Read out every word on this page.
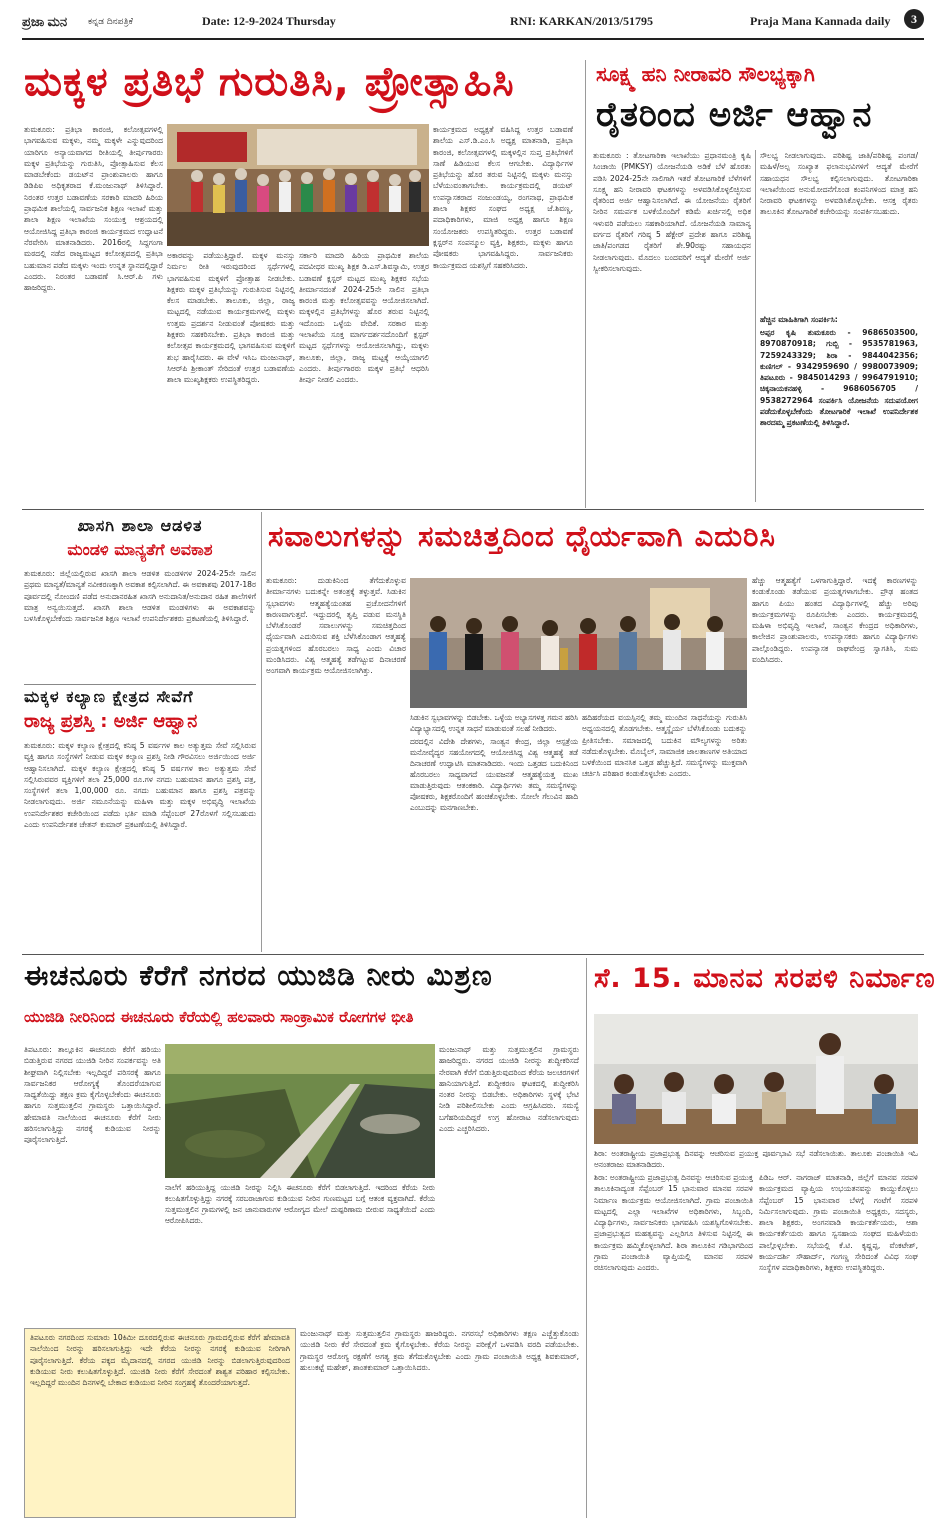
ಪ್ರಜಾ ಮನ ಕನ್ನಡ ದಿನಪತ್ರಿಕೆ	Date: 12-9-2024 Thursday	RNI: KARKAN/2013/51795	Praja Mana Kannada daily	3
ಮಕ್ಕಳ ಪ್ರತಿಭೆ ಗುರುತಿಸಿ, ಪ್ರೋತ್ಸಾಹಿಸಿ
ತುಮಕೂರು: ಪ್ರತಿಭಾ ಕಾರಂಜಿ, ಕಲೋತ್ಸವಗಳಲ್ಲಿ ಭಾಗವಹಿಸುವ ಮಕ್ಕಳು, ನಮ್ಮ ಮಕ್ಕಳೇ ಎನ್ನುವುದರಿಂದ ಯಾರಿಗೂ ಅನ್ಯಾಯವಾಗದ ರೀತಿಯಲ್ಲಿ ತೀರ್ಪುಗಾರರು ಮಕ್ಕಳ ಪ್ರತಿಭೆಯನ್ನು ಗುರುತಿಸಿ, ಪ್ರೋತ್ಸಾಹಿಸುವ ಕೆಲಸ ಮಾಡಬೇಕೆಂದು ಡಯಟ್‌ನ ಪ್ರಾಂಶುಪಾಲರು ಹಾಗೂ ಡಿಡಿಪಿಐ ಅಧಿಕೃತರಾದ ಕೆ.ಮಂಜುನಾಥ್ ತಿಳಿಸಿದ್ದಾರೆ. ನಿರಂತರ ಉತ್ತರ ಬಡಾವಣೆಯ ಸರಕಾರಿ ಮಾದರಿ ಹಿರಿಯ ಪ್ರಾಥಮಿಕ ಶಾಲೆಯಲ್ಲಿ ಸಾರ್ವಜನಿಕ ಶಿಕ್ಷಣ ಇಲಾಖೆ ಮತ್ತು ಶಾಲಾ ಶಿಕ್ಷಣ ಇಲಾಖೆಯ ಸಂಯುಕ್ತ ಆಶ್ರಯದಲ್ಲಿ ಆಯೋಜಿಸಿದ್ದ ಪ್ರತಿಭಾ ಕಾರಂಜಿ ಕಾರ್ಯಕ್ರಮದ ಉದ್ಘಾಟನೆ ನೆರವೇರಿಸಿ ಮಾತನಾಡಿದರು. 2016ರಲ್ಲಿ ಸಿದ್ದಗಂಗಾ ಮಠದಲ್ಲಿ ನಡೆದ ರಾಜ್ಯಮಟ್ಟದ ಕಲೋತ್ಸವದಲ್ಲಿ ಪ್ರತಿಭಾ ಬಹುಮಾನ ಪಡೆದ ಮಕ್ಕಳು ಇಂದು ಉನ್ನತ ಸ್ಥಾನದಲ್ಲಿದ್ದಾರೆ ಎಂದರು. ನಿರಂತರ ಬಡಾವಣೆ ಸಿ.ಆರ್.ಪಿ ಗಳು ಹಾಜರಿದ್ದರು.
ಅಕಾರವನ್ನು ಪಡೆಯುತ್ತಿದ್ದಾರೆ. ಮಕ್ಕಳ ಮನಸ್ಸು ನಿರ್ಮಲ ರೀತಿ ಇರುವುದರಿಂದ ಸ್ಪರ್ಧೆಗಳಲ್ಲಿ ಭಾಗವಹಿಸುವ ಮಕ್ಕಳಿಗೆ ಪ್ರೋತ್ಸಾಹ ನೀಡಬೇಕು. ಶಿಕ್ಷಕರು ಮಕ್ಕಳ ಪ್ರತಿಭೆಯನ್ನು ಗುರುತಿಸುವ ನಿಟ್ಟಿನಲ್ಲಿ ಕೆಲಸ ಮಾಡಬೇಕು. ತಾಲೂಕು, ಜಿಲ್ಲಾ, ರಾಜ್ಯ ಮಟ್ಟದಲ್ಲಿ ನಡೆಯುವ ಕಾರ್ಯಕ್ರಮಗಳಲ್ಲಿ ಮಕ್ಕಳು ಉತ್ತಮ ಪ್ರದರ್ಶನ ನೀಡುವಂತೆ ಪೋಷಕರು ಮತ್ತು ಶಿಕ್ಷಕರು ಸಹಕರಿಸಬೇಕು. ಪ್ರತಿಭಾ ಕಾರಂಜಿ ಮತ್ತು ಕಲೋತ್ಸವ ಕಾರ್ಯಕ್ರಮದಲ್ಲಿ ಭಾಗವಹಿಸುವ ಮಕ್ಕಳಿಗೆ ಶುಭ ಹಾರೈಸಿದರು. ಈ ವೇಳೆ ಇಸಿಒ ಮಂಜುನಾಥ್, ಸಿಆರ್‌ಪಿ ಶ್ರೀಕಾಂತ್ ಸೇರಿದಂತೆ ಉತ್ತರ ಬಡಾವಣೆಯ ಶಾಲಾ ಮುಖ್ಯಶಿಕ್ಷಕರು ಉಪಸ್ಥಿತರಿದ್ದರು.
ಸರ್ಕಾರಿ ಮಾದರಿ ಹಿರಿಯ ಪ್ರಾಥಮಿಕ ಶಾಲೆಯ ಪದವೀಧರ ಮುಖ್ಯ ಶಿಕ್ಷಕ ಡಿ.ಎಸ್.ಶಿವಸ್ವಾಮಿ, ಉತ್ತರ ಬಡಾವಣೆ ಕ್ಲಸ್ಟರ್ ಮಟ್ಟದ ಮುಖ್ಯ ಶಿಕ್ಷಕರ ಸಭೆಯ ತೀರ್ಮಾನದಂತೆ 2024-25ನೇ ಸಾಲಿನ ಪ್ರತಿಭಾ ಕಾರಂಜಿ ಮತ್ತು ಕಲೋತ್ಸವವನ್ನು ಆಯೋಜಿಸಲಾಗಿದೆ. ಮಕ್ಕಳಲ್ಲಿನ ಪ್ರತಿಭೆಗಳನ್ನು ಹೊರ ತರುವ ನಿಟ್ಟಿನಲ್ಲಿ ಇದೊಂದು ಒಳ್ಳೆಯ ವೇದಿಕೆ. ಸರಕಾರ ಮತ್ತು ಇಲಾಖೆಯ ಸೂಕ್ತ ಮಾರ್ಗದರ್ಶನದೊಂದಿಗೆ ಕ್ಲಸ್ಟರ್ ಮಟ್ಟದ ಸ್ಪರ್ಧೆಗಳನ್ನು ಆಯೋಜಿಸಲಾಗಿದ್ದು, ಮಕ್ಕಳು ತಾಲೂಕು, ಜಿಲ್ಲಾ, ರಾಜ್ಯ ಮಟ್ಟಕ್ಕೆ ಆಯ್ಕೆಯಾಗಲಿ ಎಂದರು. ತೀರ್ಪುಗಾರರು ಮಕ್ಕಳ ಪ್ರತಿಭೆ ಆಧರಿಸಿ ತೀರ್ಪು ನೀಡಲಿ ಎಂದರು.
ಕಾರ್ಯಕ್ರಮದ ಅಧ್ಯಕ್ಷತೆ ವಹಿಸಿದ್ದ ಉತ್ತರ ಬಡಾವಣೆ ಶಾಲೆಯ ಎಸ್.ಡಿ.ಎಂ.ಸಿ ಅಧ್ಯಕ್ಷ ಮಾತನಾಡಿ, ಪ್ರತಿಭಾ ಕಾರಂಜಿ, ಕಲೋತ್ಸವಗಳಲ್ಲಿ ಮಕ್ಕಳಲ್ಲಿನ ಸುಪ್ತ ಪ್ರತಿಭೆಗಳಿಗೆ ಸಾಣೆ ಹಿಡಿಯುವ ಕೆಲಸ ಆಗಬೇಕು. ವಿದ್ಯಾರ್ಥಿಗಳ ಪ್ರತಿಭೆಯನ್ನು ಹೊರ ತರುವ ನಿಟ್ಟಿನಲ್ಲಿ ಮಕ್ಕಳು ಮನಸ್ಸು ಬೆಳೆಯುವಂತಾಗಬೇಕು. ಕಾರ್ಯಕ್ರಮದಲ್ಲಿ ಡಯಟ್ ಉಪನ್ಯಾಸಕರಾದ ನಂಜುಂಡಯ್ಯ, ರಂಗನಾಥ, ಪ್ರಾಥಮಿಕ ಶಾಲಾ ಶಿಕ್ಷಕರ ಸಂಘದ ಅಧ್ಯಕ್ಷ ಜೆ.ಶಿವಣ್ಣ, ಪದಾಧಿಕಾರಿಗಳು, ಮಾಜಿ ಅಧ್ಯಕ್ಷ ಹಾಗೂ ಶಿಕ್ಷಣ ಸಂಯೋಜಕರು ಉಪಸ್ಥಿತರಿದ್ದರು. ಉತ್ತರ ಬಡಾವಣೆ ಕ್ಲಸ್ಟರ್‌ನ ಸಂಪನ್ಮೂಲ ವ್ಯಕ್ತಿ, ಶಿಕ್ಷಕರು, ಮಕ್ಕಳು ಹಾಗೂ ಪೋಷಕರು ಭಾಗವಹಿಸಿದ್ದರು. ಸಾರ್ವಜನಿಕರು ಕಾರ್ಯಕ್ರಮದ ಯಶಸ್ಸಿಗೆ ಸಹಕರಿಸಿದರು.
ಸೂಕ್ಷ್ಮ ಹನಿ ನೀರಾವರಿ ಸೌಲಭ್ಯಕ್ಕಾಗಿ
ರೈತರಿಂದ ಅರ್ಜಿ ಆಹ್ವಾನ
ತುಮಕೂರು : ತೋಟಗಾರಿಕಾ ಇಲಾಖೆಯು ಪ್ರಧಾನಮಂತ್ರಿ ಕೃಷಿ ಸಿಂಚಾಯಿ (PMKSY) ಯೋಜನೆಯಡಿ ಅಡಿಕೆ ಬೆಳೆ ಹೊರತು ಪಡಿಸಿ 2024-25ನೇ ಸಾಲಿಗಾಗಿ ಇತರೆ ತೋಟಗಾರಿಕೆ ಬೆಳೆಗಳಿಗೆ ಸೂಕ್ಷ್ಮ ಹನಿ ನೀರಾವರಿ ಘಟಕಗಳನ್ನು ಅಳವಡಿಸಿಕೊಳ್ಳಲಿಚ್ಛಿಸುವ ರೈತರಿಂದ ಅರ್ಜಿ ಆಹ್ವಾನಿಸಲಾಗಿದೆ. ಈ ಯೋಜನೆಯು ರೈತರಿಗೆ ನೀರಿನ ಸಮರ್ಪಕ ಬಳಕೆಯೊಂದಿಗೆ ಕಡಿಮೆ ಖರ್ಚಿನಲ್ಲಿ ಅಧಿಕ ಇಳುವರಿ ಪಡೆಯಲು ಸಹಕಾರಿಯಾಗಿದೆ. ಯೋಜನೆಯಡಿ ಸಾಮಾನ್ಯ ವರ್ಗದ ರೈತರಿಗೆ ಗರಿಷ್ಠ 5 ಹೆಕ್ಟೇರ್ ಪ್ರದೇಶ ಹಾಗೂ ಪರಿಶಿಷ್ಟ ಜಾತಿ/ಪಂಗಡದ ರೈತರಿಗೆ ಶೇ.90ರಷ್ಟು ಸಹಾಯಧನ ನೀಡಲಾಗುವುದು. ಮೊದಲು ಬಂದವರಿಗೆ ಆದ್ಯತೆ ಮೇರೆಗೆ ಅರ್ಜಿ ಸ್ವೀಕರಿಸಲಾಗುವುದು.
ಸೌಲಭ್ಯ ನೀಡಲಾಗುವುದು. ಪರಿಶಿಷ್ಟ ಜಾತಿ/ಪರಿಶಿಷ್ಟ ಪಂಗಡ/ ಮಹಿಳೆ/ಅಲ್ಪ ಸಂಖ್ಯಾತ ಫಲಾನುಭವಿಗಳಿಗೆ ಆದ್ಯತೆ ಮೇರೆಗೆ ಸಹಾಯಧನ ಸೌಲಭ್ಯ ಕಲ್ಪಿಸಲಾಗುವುದು. ತೋಟಗಾರಿಕಾ ಇಲಾಖೆಯಿಂದ ಅನುಮೋದನೆಗೊಂಡ ಕಂಪನಿಗಳಿಂದ ಮಾತ್ರ ಹನಿ ನೀರಾವರಿ ಘಟಕಗಳನ್ನು ಅಳವಡಿಸಿಕೊಳ್ಳಬೇಕು. ಆಸಕ್ತ ರೈತರು ತಾಲೂಕಿನ ತೋಟಗಾರಿಕೆ ಕಚೇರಿಯನ್ನು ಸಂಪರ್ಕಿಸಬಹುದು.
ಹೆಚ್ಚಿನ ಮಾಹಿತಿಗಾಗಿ ಸಂಪರ್ಕಿಸಿ:
ಅಪ್ಪರ ಕೃಷಿ ತುಮಕೂರು - 9686503500, 8970870918; ಗುಬ್ಬಿ - 9535781963, 7259243329; ಶಿರಾ - 9844042356; ಕುಣಿಗಲ್ - 9342959690 / 9980073909; ತಿಪಟೂರು - 9845014293 / 9964791910; ಚಿಕ್ಕನಾಯಕನಹಳ್ಳಿ - 9686056705 / 9538272964 ಸಂಪರ್ಕಿಸಿ ಯೋಜನೆಯ ಸದುಪಯೋಗ ಪಡೆದುಕೊಳ್ಳಬೇಕೆಂದು ತೋಟಗಾರಿಕೆ ಇಲಾಖೆ ಉಪನಿರ್ದೇಶಕ ಶಾರದಮ್ಮ ಪ್ರಕಟಣೆಯಲ್ಲಿ ತಿಳಿಸಿದ್ದಾರೆ.
ಖಾಸಗಿ ಶಾಲಾ ಆಡಳಿತ
ಮಂಡಳಿ ಮಾನ್ಯತೆಗೆ ಅವಕಾಶ
ತುಮಕೂರು: ಜಿಲ್ಲೆಯಲ್ಲಿರುವ ಖಾಸಗಿ ಶಾಲಾ ಆಡಳಿತ ಮಂಡಳಿಗಳ 2024-25ನೇ ಸಾಲಿನ ಪ್ರಥಮ ಮಾನ್ಯತೆ/ಮಾನ್ಯತೆ ನವೀಕರಣಕ್ಕಾಗಿ ಅವಕಾಶ ಕಲ್ಪಿಸಲಾಗಿದೆ. ಈ ಅವಕಾಶವು 2017-18ರ ಪೂರ್ವದಲ್ಲಿ ನೋಂದಣಿ ಪಡೆದ ಅನುದಾನರಹಿತ ಖಾಸಗಿ ಅನುದಾನಿತ/ಅನುದಾನ ರಹಿತ ಶಾಲೆಗಳಿಗೆ ಮಾತ್ರ ಅನ್ವಯಿಸುತ್ತದೆ. ಖಾಸಗಿ ಶಾಲಾ ಆಡಳಿತ ಮಂಡಳಿಗಳು ಈ ಅವಕಾಶವನ್ನು ಬಳಸಿಕೊಳ್ಳಬೇಕೆಂದು ಸಾರ್ವಜನಿಕ ಶಿಕ್ಷಣ ಇಲಾಖೆ ಉಪನಿರ್ದೇಶಕರು ಪ್ರಕಟಣೆಯಲ್ಲಿ ತಿಳಿಸಿದ್ದಾರೆ.
ಮಕ್ಕಳ ಕಲ್ಯಾಣ ಕ್ಷೇತ್ರದ ಸೇವೆಗೆ
ರಾಜ್ಯ ಪ್ರಶಸ್ತಿ : ಅರ್ಜಿ ಆಹ್ವಾನ
ತುಮಕೂರು: ಮಕ್ಕಳ ಕಲ್ಯಾಣ ಕ್ಷೇತ್ರದಲ್ಲಿ ಕನಿಷ್ಠ 5 ವರ್ಷಗಳ ಕಾಲ ಅತ್ಯುತ್ತಮ ಸೇವೆ ಸಲ್ಲಿಸಿರುವ ವ್ಯಕ್ತಿ ಹಾಗೂ ಸಂಸ್ಥೆಗಳಿಗೆ ನೀಡುವ ಮಕ್ಕಳ ಕಲ್ಯಾಣ ಪ್ರಶಸ್ತಿ ನೀಡಿ ಗೌರವಿಸಲು ಅರ್ಜಿಯಿಂದ ಅರ್ಜಿ ಆಹ್ವಾನಿಸಲಾಗಿದೆ. ಮಕ್ಕಳ ಕಲ್ಯಾಣ ಕ್ಷೇತ್ರದಲ್ಲಿ ಕನಿಷ್ಠ 5 ವರ್ಷಗಳ ಕಾಲ ಅತ್ಯುತ್ತಮ ಸೇವೆ ಸಲ್ಲಿಸಿರುವವರ ವ್ಯಕ್ತಿಗಳಿಗೆ ತಲಾ 25,000 ರೂ.ಗಳ ನಗದು ಬಹುಮಾನ ಹಾಗೂ ಪ್ರಶಸ್ತಿ ಪತ್ರ, ಸಂಸ್ಥೆಗಳಿಗೆ ತಲಾ 1,00,000 ರೂ. ನಗದು ಬಹುಮಾನ ಹಾಗೂ ಪ್ರಶಸ್ತಿ ಪತ್ರವನ್ನು ನೀಡಲಾಗುವುದು. ಅರ್ಜಿ ನಮೂನೆಯನ್ನು ಮಹಿಳಾ ಮತ್ತು ಮಕ್ಕಳ ಅಭಿವೃದ್ಧಿ ಇಲಾಖೆಯ ಉಪನಿರ್ದೇಶಕರ ಕಚೇರಿಯಿಂದ ಪಡೆದು ಭರ್ತಿ ಮಾಡಿ ಸೆಪ್ಟೆಂಬರ್ 27ರೊಳಗೆ ಸಲ್ಲಿಸಬಹುದು ಎಂದು ಉಪನಿರ್ದೇಶಕ ಚೇತನ್ ಕುಮಾರ್ ಪ್ರಕಟಣೆಯಲ್ಲಿ ತಿಳಿಸಿದ್ದಾರೆ.
ಸವಾಲುಗಳನ್ನು ಸಮಚಿತ್ತದಿಂದ ಧೈರ್ಯವಾಗಿ ಎದುರಿಸಿ
ತುಮಕೂರು: ದುಡುಕಿನಿಂದ ತೆಗೆದುಕೊಳ್ಳುವ ತೀರ್ಮಾನಗಳು ಬದುಕನ್ನೇ ಅತಂತ್ರಕ್ಕೆ ತಳ್ಳುತ್ತವೆ. ಸಿಡುಕಿನ ಸ್ವಭಾವಗಳು ಆತ್ಮಹತ್ಯೆಯಂತಹ ಪ್ರಚೋದನೆಗಳಿಗೆ ಕಾರಣವಾಗುತ್ತವೆ. ಇದ್ದುದರಲ್ಲಿ ತೃಪ್ತಿ ಪಡುವ ಮನಸ್ಥಿತಿ ಬೆಳೆಸಿಕೊಂಡರೆ ಸವಾಲುಗಳನ್ನು ಸಮಚಿತ್ತದಿಂದ ಧೈರ್ಯವಾಗಿ ಎದುರಿಸುವ ಶಕ್ತಿ ಬೆಳೆಸಿಕೊಂಡಾಗ ಆತ್ಮಹತ್ಯೆ ಪ್ರಯತ್ನಗಳಿಂದ ಹೊರಬರಲು ಸಾಧ್ಯ ಎಂದು ವಿಚಾರ ಮಂಡಿಸಿದರು. ವಿಶ್ವ ಆತ್ಮಹತ್ಯೆ ತಡೆಗಟ್ಟುವ ದಿನಾಚರಣೆ ಅಂಗವಾಗಿ ಕಾರ್ಯಕ್ರಮ ಆಯೋಜಿಸಲಾಗಿತ್ತು.
ಸಿಡುಕಿನ ಸ್ವಭಾವಗಳನ್ನು ಬಿಡಬೇಕು. ಒಳ್ಳೆಯ ಅಭ್ಯಾಸಗಳತ್ತ ಗಮನ ಹರಿಸಿ ವಿದ್ಯಾಭ್ಯಾಸದಲ್ಲಿ ಉನ್ನತ ಸಾಧನೆ ಮಾಡುವಂತೆ ಸಲಹೆ ನೀಡಿದರು.
ದರದಲ್ಲಿನ ವಿದೇಶಿ ದೇಶಗಳು, ಸಾಂತ್ವನ ಕೇಂದ್ರ, ಜಿಲ್ಲಾ ಆಸ್ಪತ್ರೆಯ ಮನೋವೈದ್ಯರ ಸಹಯೋಗದಲ್ಲಿ ಆಯೋಜಿಸಿದ್ದ ವಿಶ್ವ ಆತ್ಮಹತ್ಯೆ ತಡೆ ದಿನಾಚರಣೆ ಉದ್ಘಾಟಿಸಿ ಮಾತನಾಡಿದರು. ಇಂದು ಒತ್ತಡದ ಬದುಕಿನಿಂದ ಹೊರಬರಲು ಸಾಧ್ಯವಾಗದೆ ಯುವಜನತೆ ಆತ್ಮಹತ್ಯೆಯತ್ತ ಮುಖ ಮಾಡುತ್ತಿರುವುದು ಆತಂಕಕಾರಿ. ವಿದ್ಯಾರ್ಥಿಗಳು ತಮ್ಮ ಸಮಸ್ಯೆಗಳನ್ನು ಪೋಷಕರು, ಶಿಕ್ಷಕರೊಂದಿಗೆ ಹಂಚಿಕೊಳ್ಳಬೇಕು. ಸೋಲೇ ಗೆಲುವಿನ ಹಾದಿ ಎಂಬುದನ್ನು ಮನಗಾಣಬೇಕು.
ಹದಿಹರೆಯದ ವಯಸ್ಸಿನಲ್ಲಿ ತಮ್ಮ ಮುಂದಿನ ಸಾಧನೆಯನ್ನು ಗುರುತಿಸಿ ಅಧ್ಯಯನದಲ್ಲಿ ತೊಡಗಬೇಕು. ಆತ್ಮಸ್ಥೈರ್ಯ ಬೆಳೆಸಿಕೊಂಡು ಬದುಕನ್ನು ಪ್ರೀತಿಸಬೇಕು. ಸಮಾಜದಲ್ಲಿ ಬದುಕಿನ ಮೌಲ್ಯಗಳನ್ನು ಅರಿತು ನಡೆದುಕೊಳ್ಳಬೇಕು. ಮೊಬೈಲ್, ಸಾಮಾಜಿಕ ಜಾಲತಾಣಗಳ ಅತಿಯಾದ ಬಳಕೆಯಿಂದ ಮಾನಸಿಕ ಒತ್ತಡ ಹೆಚ್ಚುತ್ತಿದೆ. ಸಮಸ್ಯೆಗಳನ್ನು ಮುಕ್ತವಾಗಿ ಚರ್ಚಿಸಿ ಪರಿಹಾರ ಕಂಡುಕೊಳ್ಳಬೇಕು ಎಂದರು.
ಹೆಚ್ಚು ಆತ್ಮಹತ್ಯೆಗೆ ಒಳಗಾಗುತ್ತಿದ್ದಾರೆ. ಇದಕ್ಕೆ ಕಾರಣಗಳನ್ನು ಕಂಡುಕೊಂಡು ತಡೆಯುವ ಪ್ರಯತ್ನಗಳಾಗಬೇಕು. ಪ್ರೌಢ ಹಂತದ ಹಾಗೂ ಪಿಯು ಹಂತದ ವಿದ್ಯಾರ್ಥಿಗಳಲ್ಲಿ ಹೆಚ್ಚು ಅರಿವು ಕಾರ್ಯಕ್ರಮಗಳನ್ನು ರೂಪಿಸಬೇಕು ಎಂದರು. ಕಾರ್ಯಕ್ರಮದಲ್ಲಿ ಮಹಿಳಾ ಅಭಿವೃದ್ಧಿ ಇಲಾಖೆ, ಸಾಂತ್ವನ ಕೇಂದ್ರದ ಅಧಿಕಾರಿಗಳು, ಕಾಲೇಜಿನ ಪ್ರಾಂಶುಪಾಲರು, ಉಪನ್ಯಾಸಕರು ಹಾಗೂ ವಿದ್ಯಾರ್ಥಿಗಳು ಪಾಲ್ಗೊಂಡಿದ್ದರು. ಉಪನ್ಯಾಸಕ ರಾಘವೇಂದ್ರ ಸ್ವಾಗತಿಸಿ, ಸುಮ ವಂದಿಸಿದರು.
ಈಚನೂರು ಕೆರೆಗೆ ನಗರದ ಯುಜಿಡಿ ನೀರು ಮಿಶ್ರಣ
ಯುಜಿಡಿ ನೀರಿನಿಂದ ಈಚನೂರು ಕೆರೆಯಲ್ಲಿ ಹಲವಾರು ಸಾಂಕ್ರಾಮಿಕ ರೋಗಗಳ ಭೀತಿ
ತಿಪಟೂರು: ತಾಲ್ಲೂಕಿನ ಈಚನೂರು ಕೆರೆಗೆ ಹರಿಯು ಬಿಡುತ್ತಿರುವ ನಗರದ ಯುಜಿಡಿ ನೀರಿನ ಸಂಪರ್ಕವನ್ನು ಅತಿ ಶೀಘ್ರವಾಗಿ ನಿಲ್ಲಿಸಬೇಕು ಇಲ್ಲದಿದ್ದರೆ ಪರಿಸರಕ್ಕೆ ಹಾಗೂ ಸಾರ್ವಜನಿಕರ ಆರೋಗ್ಯಕ್ಕೆ ತೊಂದರೆಯಾಗುವ ಸಾಧ್ಯತೆಯಿದ್ದು ತಕ್ಷಣ ಕ್ರಮ ಕೈಗೊಳ್ಳಬೇಕೆಂದು ಈಚನೂರು ಹಾಗೂ ಸುತ್ತಮುತ್ತಲಿನ ಗ್ರಾಮಸ್ಥರು ಒತ್ತಾಯಿಸಿದ್ದಾರೆ. ಹೇಮಾವತಿ ನಾಲೆಯಿಂದ ಈಚನೂರು ಕೆರೆಗೆ ನೀರು ಹರಿಸಲಾಗುತ್ತಿದ್ದು ನಗರಕ್ಕೆ ಕುಡಿಯುವ ನೀರನ್ನು ಪೂರೈಸಲಾಗುತ್ತಿದೆ.
ನಾಲೆಗೆ ಹರಿಯುತ್ತಿದ್ದ ಯುಜಿಡಿ ನೀರನ್ನು ನಿಲ್ಲಿಸಿ ಈಚನೂರು ಕೆರೆಗೆ ಬಿಡಲಾಗುತ್ತಿದೆ. ಇದರಿಂದ ಕೆರೆಯ ನೀರು ಕಲುಷಿತಗೊಳ್ಳುತ್ತಿದ್ದು ನಗರಕ್ಕೆ ಸರಬರಾಜಾಗುವ ಕುಡಿಯುವ ನೀರಿನ ಗುಣಮಟ್ಟದ ಬಗ್ಗೆ ಆತಂಕ ವ್ಯಕ್ತವಾಗಿದೆ. ಕೆರೆಯ ಸುತ್ತಮುತ್ತಲಿನ ಗ್ರಾಮಗಳಲ್ಲಿ ಜನ ಜಾನುವಾರುಗಳ ಆರೋಗ್ಯದ ಮೇಲೆ ದುಷ್ಪರಿಣಾಮ ಬೀರುವ ಸಾಧ್ಯತೆಯಿದೆ ಎಂದು ಆರೋಪಿಸಿದರು.
ಮಂಜುನಾಥ್ ಮತ್ತು ಸುತ್ತಮುತ್ತಲಿನ ಗ್ರಾಮಸ್ಥರು ಹಾಜರಿದ್ದರು. ನಗರದ ಯುಜಿಡಿ ನೀರನ್ನು ಶುದ್ಧೀಕರಿಸದೆ ನೇರವಾಗಿ ಕೆರೆಗೆ ಬಿಡುತ್ತಿರುವುದರಿಂದ ಕೆರೆಯ ಜಲಚರಗಳಿಗೆ ಹಾನಿಯಾಗುತ್ತಿದೆ. ಶುದ್ಧೀಕರಣ ಘಟಕದಲ್ಲಿ ಶುದ್ಧೀಕರಿಸಿ ನಂತರ ನೀರನ್ನು ಬಿಡಬೇಕು. ಅಧಿಕಾರಿಗಳು ಸ್ಥಳಕ್ಕೆ ಭೇಟಿ ನೀಡಿ ಪರಿಶೀಲಿಸಬೇಕು ಎಂದು ಆಗ್ರಹಿಸಿದರು. ಸಮಸ್ಯೆ ಬಗೆಹರಿಯದಿದ್ದರೆ ಉಗ್ರ ಹೋರಾಟ ನಡೆಸಲಾಗುವುದು ಎಂದು ಎಚ್ಚರಿಸಿದರು.
ತಿಪಟೂರು ನಗರದಿಂದ ಸುಮಾರು 10ಕಿಮೀ ದೂರದಲ್ಲಿರುವ ಈಚನೂರು ಗ್ರಾಮದಲ್ಲಿರುವ ಕೆರೆಗೆ ಹೇಮಾವತಿ ನಾಲೆಯಿಂದ ನೀರನ್ನು ಹರಿಸಲಾಗುತ್ತಿದ್ದು ಇದೇ ಕೆರೆಯ ನೀರನ್ನು ನಗರಕ್ಕೆ ಕುಡಿಯುವ ನೀರಿಗಾಗಿ ಪೂರೈಸಲಾಗುತ್ತಿದೆ. ಕೆರೆಯ ಪಕ್ಕದ ಮೈದಾನದಲ್ಲಿ ನಗರದ ಯುಜಿಡಿ ನೀರನ್ನು ಬಿಡಲಾಗುತ್ತಿರುವುದರಿಂದ ಕುಡಿಯುವ ನೀರು ಕಲುಷಿತಗೊಳ್ಳುತ್ತಿದೆ. ಯುಜಿಡಿ ನೀರು ಕೆರೆಗೆ ಸೇರದಂತೆ ಶಾಶ್ವತ ಪರಿಹಾರ ಕಲ್ಪಿಸಬೇಕು. ಇಲ್ಲದಿದ್ದರೆ ಮುಂದಿನ ದಿನಗಳಲ್ಲಿ ಬೇಕಾದ ಕುಡಿಯುವ ನೀರಿನ ಸಂಗ್ರಹಕ್ಕೆ ತೊಂದರೆಯಾಗುತ್ತದೆ.
ಮಂಜುನಾಥ್ ಮತ್ತು ಸುತ್ತಮುತ್ತಲಿನ ಗ್ರಾಮಸ್ಥರು ಹಾಜರಿದ್ದರು. ನಗರಸಭೆ ಅಧಿಕಾರಿಗಳು ತಕ್ಷಣ ಎಚ್ಚೆತ್ತುಕೊಂಡು ಯುಜಿಡಿ ನೀರು ಕೆರೆ ಸೇರದಂತೆ ಕ್ರಮ ಕೈಗೊಳ್ಳಬೇಕು. ಕೆರೆಯ ನೀರನ್ನು ಪರೀಕ್ಷೆಗೆ ಒಳಪಡಿಸಿ ವರದಿ ಪಡೆಯಬೇಕು. ಗ್ರಾಮಸ್ಥರ ಆರೋಗ್ಯ ರಕ್ಷಣೆಗೆ ಅಗತ್ಯ ಕ್ರಮ ತೆಗೆದುಕೊಳ್ಳಬೇಕು ಎಂದು ಗ್ರಾಮ ಪಂಚಾಯಿತಿ ಅಧ್ಯಕ್ಷ ಶಿವಕುಮಾರ್, ಹುಲುಕಟ್ಟೆ ಮಹೇಶ್, ಶಾಂತಕುಮಾರ್ ಒತ್ತಾಯಿಸಿದರು.
ಸೆ. 15. ಮಾನವ ಸರಪಳಿ ನಿರ್ಮಾಣ
ಶಿರಾ: ಅಂತರಾಷ್ಟ್ರೀಯ ಪ್ರಜಾಪ್ರಭುತ್ವ ದಿನವನ್ನು ಆಚರಿಸುವ ಪ್ರಯುಕ್ತ ಪೂರ್ವಭಾವಿ ಸಭೆ ನಡೆಸಲಾಯಿತು. ತಾಲೂಕು ಪಂಚಾಯಿತಿ ಇಓ ಅನಂತರಾಜು ಮಾತನಾಡಿದರು.
ಶಿರಾ: ಅಂತರಾಷ್ಟ್ರೀಯ ಪ್ರಜಾಪ್ರಭುತ್ವ ದಿನವನ್ನು ಆಚರಿಸುವ ಪ್ರಯುಕ್ತ ತಾಲೂಕಿನಾದ್ಯಂತ ಸೆಪ್ಟೆಂಬರ್ 15 ಭಾನುವಾರ ಮಾನವ ಸರಪಳಿ ನಿರ್ಮಾಣ ಕಾರ್ಯಕ್ರಮ ಆಯೋಜಿಸಲಾಗಿದೆ. ಗ್ರಾಮ ಪಂಚಾಯಿತಿ ಮಟ್ಟದಲ್ಲಿ ಎಲ್ಲಾ ಇಲಾಖೆಗಳ ಅಧಿಕಾರಿಗಳು, ಸಿಬ್ಬಂದಿ, ವಿದ್ಯಾರ್ಥಿಗಳು, ಸಾರ್ವಜನಿಕರು ಭಾಗವಹಿಸಿ ಯಶಸ್ವಿಗೊಳಿಸಬೇಕು. ಪ್ರಜಾಪ್ರಭುತ್ವದ ಮಹತ್ವವನ್ನು ಎಲ್ಲರಿಗೂ ತಿಳಿಸುವ ನಿಟ್ಟಿನಲ್ಲಿ ಈ ಕಾರ್ಯಕ್ರಮ ಹಮ್ಮಿಕೊಳ್ಳಲಾಗಿದೆ. ಶಿರಾ ತಾಲೂಕಿನ ಗಡಿಭಾಗದಿಂದ ಗ್ರಾಮ ಪಂಚಾಯಿತಿ ವ್ಯಾಪ್ತಿಯಲ್ಲಿ ಮಾನವ ಸರಪಳಿ ರಚಿಸಲಾಗುವುದು ಎಂದರು.
ಪಿಡಿಒ ಆರ್. ನಾಗರಾಜ್ ಮಾತನಾಡಿ, ಜಿಲ್ಲೆಗೆ ಮಾನವ ಸರಪಳಿ ಕಾರ್ಯಕ್ರಮದ ವ್ಯಾಪ್ತಿಯ ಉಭಯತನವನ್ನು ಕಾಯ್ದುಕೊಳ್ಳಲು ಸೆಪ್ಟೆಂಬರ್ 15 ಭಾನುವಾರ ಬೆಳಗ್ಗೆ ಗಂಟೆಗೆ ಸರಪಳಿ ನಿರ್ಮಿಸಲಾಗುವುದು. ಗ್ರಾಮ ಪಂಚಾಯಿತಿ ಅಧ್ಯಕ್ಷರು, ಸದಸ್ಯರು, ಶಾಲಾ ಶಿಕ್ಷಕರು, ಅಂಗನವಾಡಿ ಕಾರ್ಯಕರ್ತೆಯರು, ಆಶಾ ಕಾರ್ಯಕರ್ತೆಯರು ಹಾಗೂ ಸ್ವಸಹಾಯ ಸಂಘದ ಮಹಿಳೆಯರು ಪಾಲ್ಗೊಳ್ಳಬೇಕು. ಸಭೆಯಲ್ಲಿ ಕೆ.ಟಿ. ಕೃಷ್ಣಪ್ಪ, ವೆಂಕಟೇಶ್, ಕಾರ್ಯದರ್ಶಿ ಸೌಹಾರ್ದ್, ಗಂಗಣ್ಣ ಸೇರಿದಂತೆ ವಿವಿಧ ಸಂಘ ಸಂಸ್ಥೆಗಳ ಪದಾಧಿಕಾರಿಗಳು, ಶಿಕ್ಷಕರು ಉಪಸ್ಥಿತರಿದ್ದರು.
